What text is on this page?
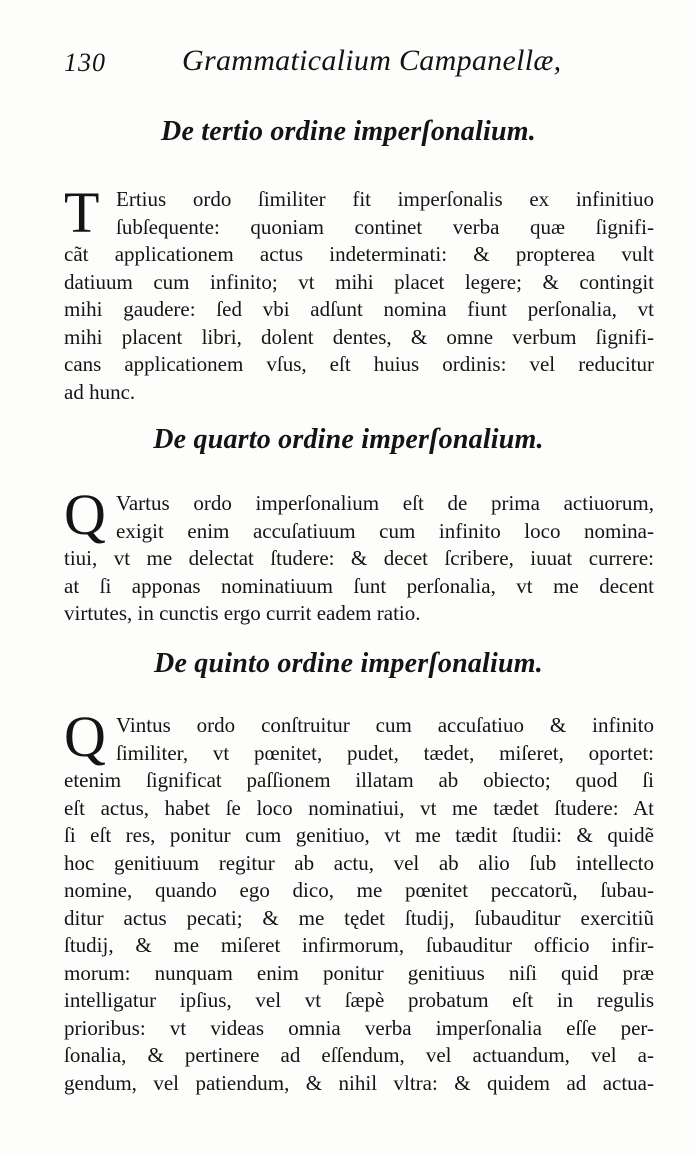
130	Grammaticalium Campanellæ,
De tertio ordine imperſonalium.
T Ertius ordo ſimiliter fit imperſonalis ex infinitiuo
ſubſequente: quoniam continet verba quæ ſignifi-
cãt applicationem actus indeterminati: & propterea vult
datiuum cum infinito; vt mihi placet legere; & contingit
mihi gaudere: ſed vbi adſunt nomina fiunt perſonalia, vt
mihi placent libri, dolent dentes, & omne verbum ſignifi-
cans applicationem vſus, eſt huius ordinis: vel reducitur
ad hunc.
De quarto ordine imperſonalium.
Q Vartus ordo imperſonalium eſt de prima actiuorum,
exigit enim accuſatiuum cum infinito loco nomina-
tiui, vt me delectat ſtudere: & decet ſcribere, iuuat currere:
at ſi apponas nominatiuum ſunt perſonalia, vt me decent
virtutes, in cunctis ergo currit eadem ratio.
De quinto ordine imperſonalium.
Q Vintus ordo conſtruitur cum accuſatiuo & infinito
ſimiliter, vt pœnitet, pudet, tædet, miſeret, oportet:
etenim ſignificat paſſionem illatam ab obiecto; quod ſi
eſt actus, habet ſe loco nominatiui, vt me tædet ſtudere: At
ſi eſt res, ponitur cum genitiuo, vt me tædit ſtudii: & quidẽ
hoc genitiuum regitur ab actu, vel ab alio ſub intellecto
nomine, quando ego dico, me pœnitet peccatorũ, ſubau-
ditur actus pecati; & me tędet ſtudij, ſubauditur exercitiũ
ſtudij, & me miſeret infirmorum, ſubauditur officio infir-
morum: nunquam enim ponitur genitiuus niſi quid præ
intelligatur ipſius, vel vt ſæpè probatum eſt in regulis
prioribus: vt videas omnia verba imperſonalia eſſe per-
ſonalia, & pertinere ad eſſendum, vel actuandum, vel a-
gendum, vel patiendum, & nihil vltra: & quidem ad actua-
